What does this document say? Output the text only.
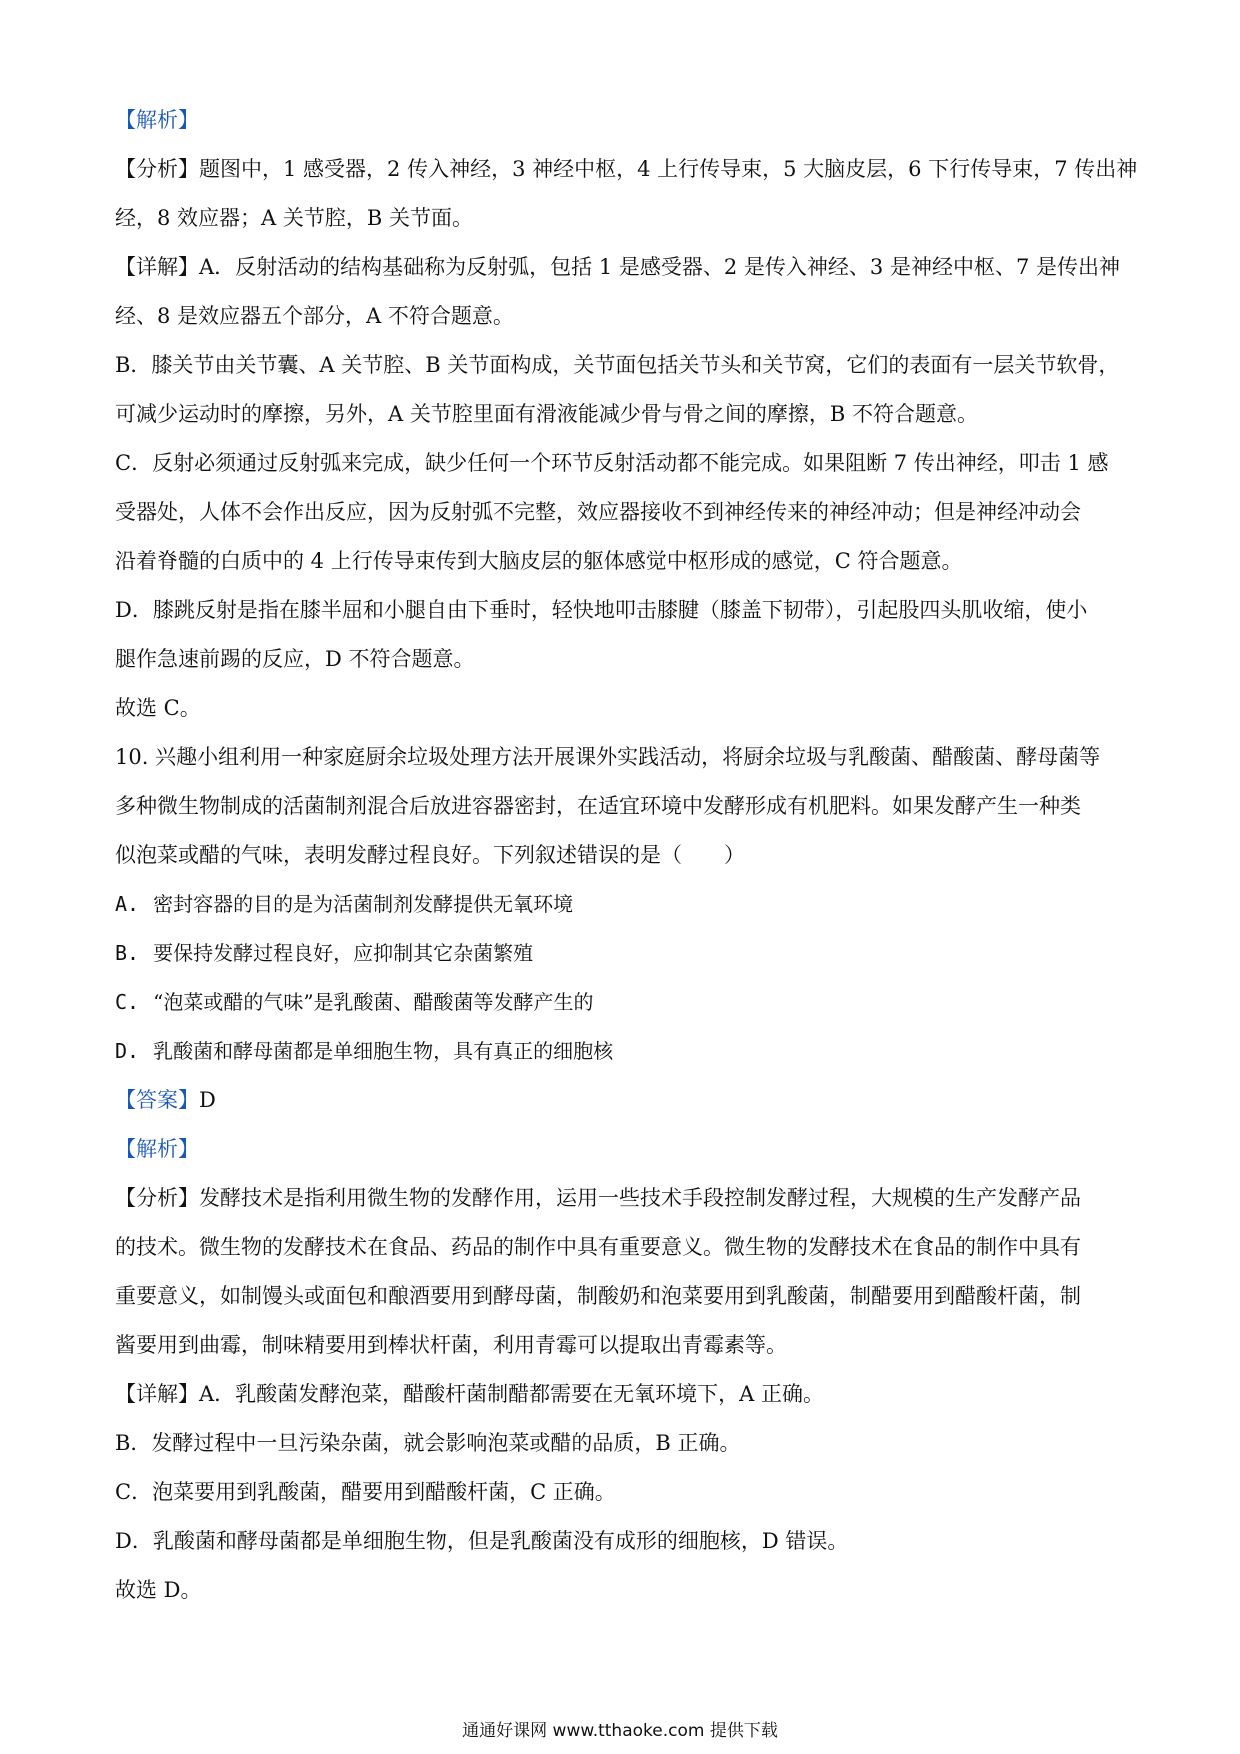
【解析】
【分析】题图中，1 感受器，2 传入神经，3 神经中枢，4 上行传导束，5 大脑皮层，6 下行传导束，7 传出神
经，8 效应器；A 关节腔，B 关节面。
【详解】A．反射活动的结构基础称为反射弧，包括 1 是感受器、2 是传入神经、3 是神经中枢、7 是传出神
经、8 是效应器五个部分，A 不符合题意。
B．膝关节由关节囊、A 关节腔、B 关节面构成，关节面包括关节头和关节窝，它们的表面有一层关节软骨，
可减少运动时的摩擦，另外，A 关节腔里面有滑液能减少骨与骨之间的摩擦，B 不符合题意。
C．反射必须通过反射弧来完成，缺少任何一个环节反射活动都不能完成。如果阻断 7 传出神经，叩击 1 感
受器处，人体不会作出反应，因为反射弧不完整，效应器接收不到神经传来的神经冲动；但是神经冲动会
沿着脊髓的白质中的 4 上行传导束传到大脑皮层的躯体感觉中枢形成的感觉，C 符合题意。
D．膝跳反射是指在膝半屈和小腿自由下垂时，轻快地叩击膝腱（膝盖下韧带），引起股四头肌收缩，使小
腿作急速前踢的反应，D 不符合题意。
故选 C。
10. 兴趣小组利用一种家庭厨余垃圾处理方法开展课外实践活动，将厨余垃圾与乳酸菌、醋酸菌、酵母菌等
多种微生物制成的活菌制剂混合后放进容器密封，在适宜环境中发酵形成有机肥料。如果发酵产生一种类
似泡菜或醋的气味，表明发酵过程良好。下列叙述错误的是（　　）
A. 密封容器的目的是为活菌制剂发酵提供无氧环境
B. 要保持发酵过程良好，应抑制其它杂菌繁殖
C. “泡菜或醋的气味”是乳酸菌、醋酸菌等发酵产生的
D. 乳酸菌和酵母菌都是单细胞生物，具有真正的细胞核
【答案】D
【解析】
【分析】发酵技术是指利用微生物的发酵作用，运用一些技术手段控制发酵过程，大规模的生产发酵产品
的技术。微生物的发酵技术在食品、药品的制作中具有重要意义。微生物的发酵技术在食品的制作中具有
重要意义，如制馒头或面包和酿酒要用到酵母菌，制酸奶和泡菜要用到乳酸菌，制醋要用到醋酸杆菌，制
酱要用到曲霉，制味精要用到棒状杆菌，利用青霉可以提取出青霉素等。
【详解】A．乳酸菌发酵泡菜，醋酸杆菌制醋都需要在无氧环境下，A 正确。
B．发酵过程中一旦污染杂菌，就会影响泡菜或醋的品质，B 正确。
C．泡菜要用到乳酸菌，醋要用到醋酸杆菌，C 正确。
D．乳酸菌和酵母菌都是单细胞生物，但是乳酸菌没有成形的细胞核，D 错误。
故选 D。
通通好课网 www.tthaoke.com 提供下载
